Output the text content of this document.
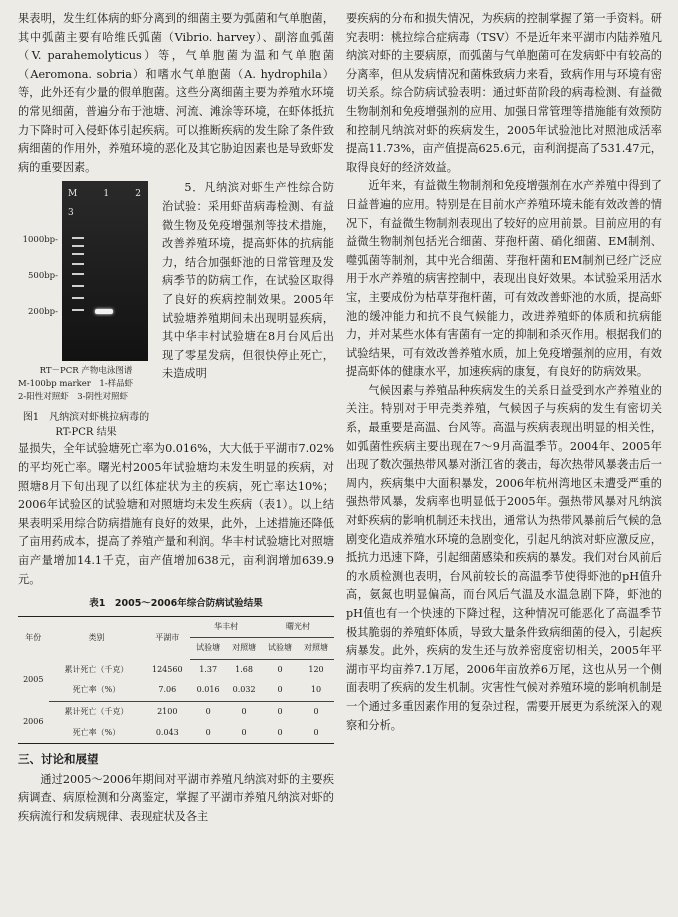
果表明，发生红体病的虾分离到的细菌主要为弧菌和气单胞菌，其中弧菌主要有哈维氏弧菌（Vibrio. harvey）、副溶血弧菌（V. parahemolyticus）等，气单胞菌为温和气单胞菌（Aeromona. sobria）和嗜水气单胞菌（A. hydrophila）等，此外还有少量的假单胞菌。这些分离细菌主要为养殖水环境的常见细菌，普遍分布于池塘、河流、滩涂等环境，在虾体抵抗力下降时可入侵虾体引起疾病。可以推断疾病的发生除了条件致病细菌的作用外，养殖环境的恶化及其它胁迫因素也是导致虾发病的重要因素。

M 1 2 3
1000bp-
500bp-
200bp-
RT－PCR 产物电泳图谱
M-100bp marker　1-样品虾
2-阳性对照虾　3-阴性对照虾
图1　凡纳滨对虾桃拉病毒的 RT-PCR 结果

5．凡纳滨对虾生产性综合防治试验：采用虾苗病毒检测、有益微生物及免疫增强剂等技术措施，改善养殖环境，提高虾体的抗病能力，结合加强虾池的日常管理及发病季节的防病工作，在试验区取得了良好的疾病控制效果。2005年试验塘养殖期间未出现明显疾病，其中华丰村试验塘在8月台风后出现了零星发病，但很快停止死亡，未造成明

显损失，全年试验塘死亡率为0.016%，大大低于平湖市7.02%的平均死亡率。曙光村2005年试验塘均未发生明显的疾病，对照塘8月下旬出现了以红体症状为主的疾病，死亡率达10%；2006年试验区的试验塘和对照塘均未发生疾病（表1）。以上结果表明采用综合防病措施有良好的效果，此外，上述措施还降低了亩用药成本，提高了养殖产量和利润。华丰村试验塘比对照塘亩产量增加14.1千克，亩产值增加638元，亩利润增加639.9元。

表1　2005～2006年综合防病试验结果
年份	类别	平湖市	华丰村		曙光村	
			试验塘	对照塘	试验塘	对照塘
2005	累计死亡（千克）	124560	1.37	1.68	0	120
	死亡率（%）	7.06	0.016	0.032	0	10
2006	累计死亡（千克）	2100	0	0	0	0
	死亡率（%）	0.043	0	0	0	0
三、讨论和展望

通过2005～2006年期间对平湖市养殖凡纳滨对虾的主要疾病调查、病原检测和分离鉴定，掌握了平湖市养殖凡纳滨对虾的疾病流行和发病规律、表现症状及各主

要疾病的分布和损失情况，为疾病的控制掌握了第一手资料。研究表明：桃拉综合症病毒（TSV）不是近年来平湖市内陆养殖凡纳滨对虾的主要病原，而弧菌与气单胞菌可在发病虾中有较高的分离率，但从发病情况和菌株致病力来看，致病作用与环境有密切关系。综合防病试验表明：通过虾苗阶段的病毒检测、有益微生物制剂和免疫增强剂的应用、加强日常管理等措施能有效预防和控制凡纳滨对虾的疾病发生，2005年试验池比对照池成活率提高11.73%，亩产值提高625.6元，亩利润提高了531.47元，取得良好的经济效益。

近年来，有益微生物制剂和免疫增强剂在水产养殖中得到了日益普遍的应用。特别是在目前水产养殖环境未能有效改善的情况下，有益微生物制剂表现出了较好的应用前景。目前应用的有益微生物制剂包括光合细菌、芽孢杆菌、硝化细菌、EM制剂、噬弧菌等制剂，其中光合细菌、芽孢杆菌和EM制剂已经广泛应用于水产养殖的病害控制中，表现出良好效果。本试验采用活水宝，主要成份为枯草芽孢杆菌，可有效改善虾池的水质，提高虾池的缓冲能力和抗不良气候能力，改进养殖虾的体质和抗病能力，并对某些水体有害菌有一定的抑制和杀灭作用。根据我们的试验结果，可有效改善养殖水质，加上免疫增强剂的应用，有效提高虾体的健康水平，加速疾病的康复，有良好的防病效果。

气候因素与养殖品种疾病发生的关系日益受到水产养殖业的关注。特别对于甲壳类养殖，气候因子与疾病的发生有密切关系，最重要是高温、台风等。高温与疾病表现出明显的相关性，如弧菌性疾病主要出现在7～9月高温季节。2004年、2005年出现了数次强热带风暴对浙江省的袭击，每次热带风暴袭击后一周内，疾病集中大面积暴发，2006年杭州湾地区未遭受严重的强热带风暴，发病率也明显低于2005年。强热带风暴对凡纳滨对虾疾病的影响机制还未找出，通常认为热带风暴前后气候的急剧变化造成养殖水环境的急剧变化，引起凡纳滨对虾应激反应，抵抗力迅速下降，引起细菌感染和疾病的暴发。我们对台风前后的水质检测也表明，台风前较长的高温季节使得虾池的pH值升高，氨氮也明显偏高，而台风后气温及水温急剧下降，虾池的pH值也有一个快速的下降过程，这种情况可能恶化了高温季节极其脆弱的养殖虾体质，导致大量条件致病细菌的侵入，引起疾病暴发。此外，疾病的发生还与放养密度密切相关，2005年平湖市平均亩养7.1万尾，2006年亩放养6万尾，这也从另一个侧面表明了疾病的发生机制。灾害性气候对养殖环境的影响机制是一个通过多重因素作用的复杂过程，需要开展更为系统深入的观察和分析。
